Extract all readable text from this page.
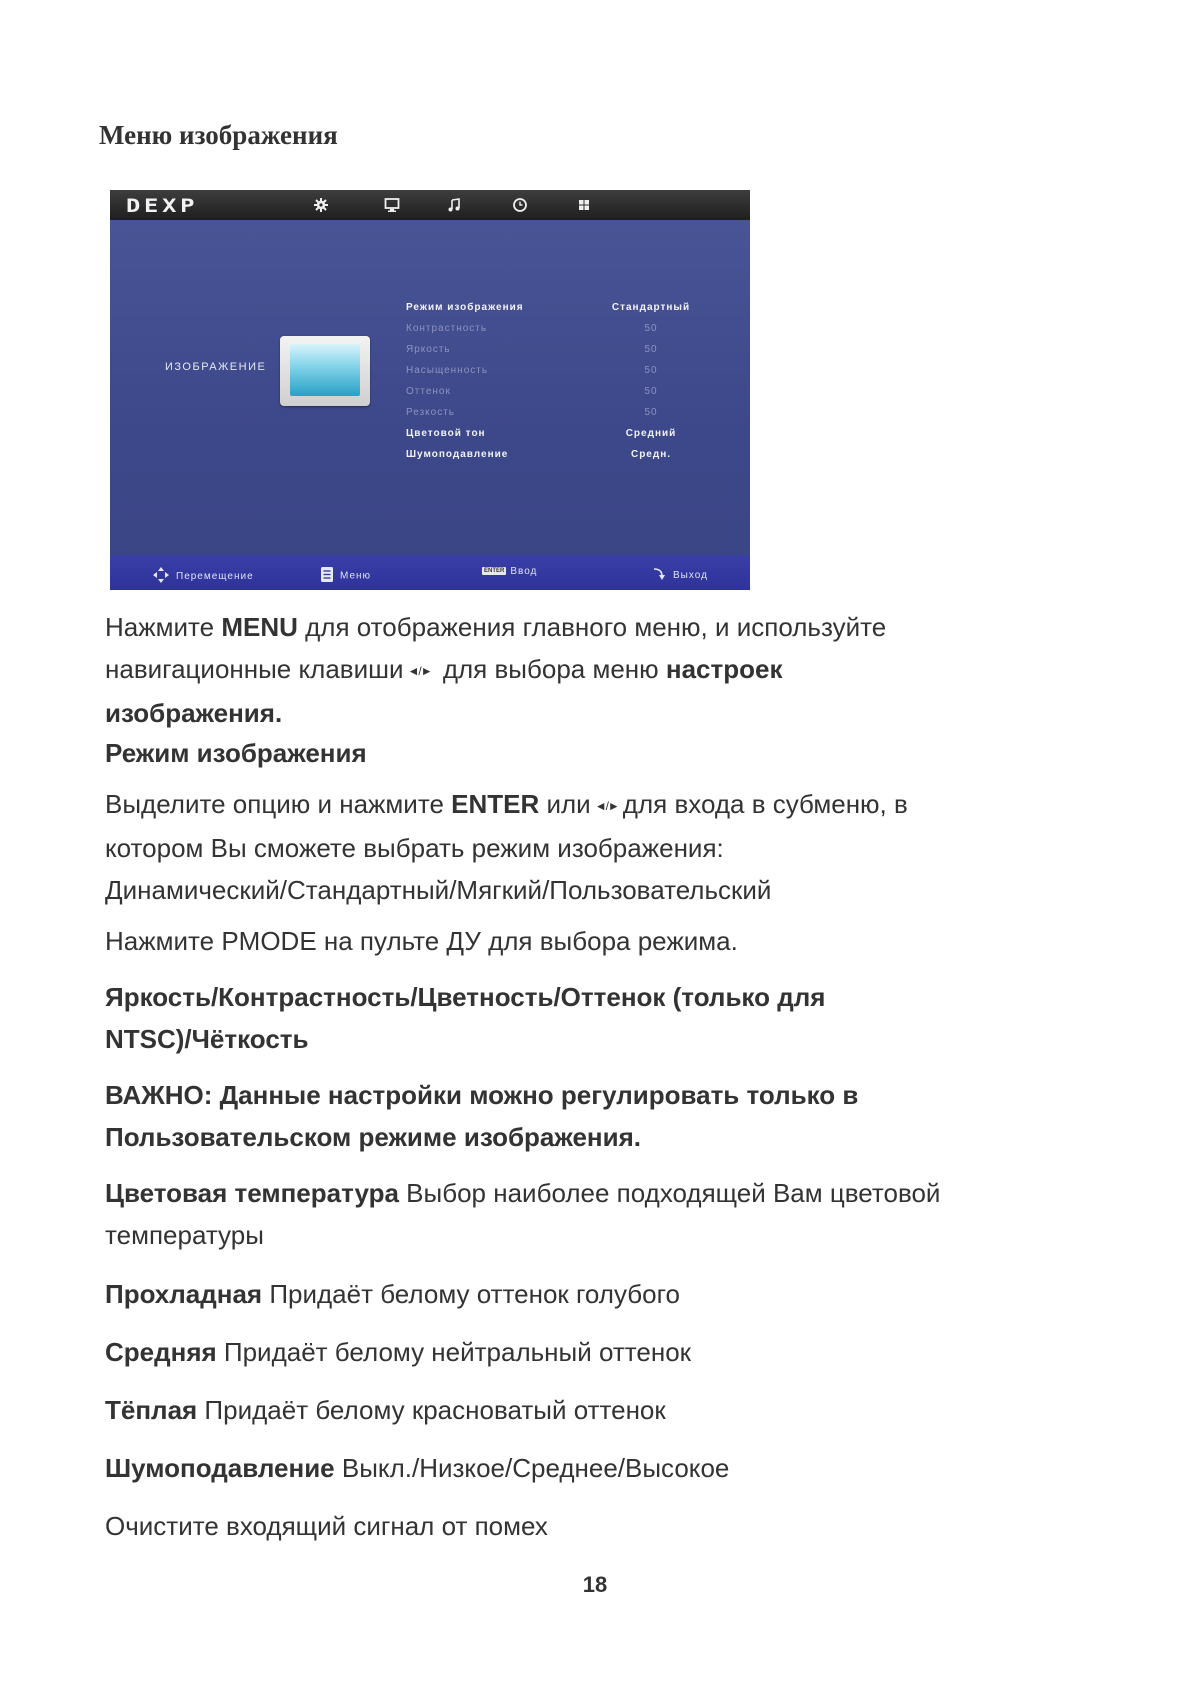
Меню изображения
DEXP
ИЗОБРАЖЕНИЕ
Режим изображения	Стандартный
Контрастность	50
Яркость	50
Насыщенность	50
Оттенок	50
Резкость	50
Цветовой тон	Средний
Шумоподавление	Средн.
Перемещение	Меню	ENTER Ввод	Выход

Нажмите MENU для отображения главного меню, и используйте
навигационные клавиши ◄/► для выбора меню настроек
изображения.

Режим изображения

Выделите опцию и нажмите ENTER или ◄/► для входа в субменю, в
котором Вы сможете выбрать режим изображения:
Динамический/Стандартный/Мягкий/Пользовательский

Нажмите PMODE на пульте ДУ для выбора режима.

Яркость/Контрастность/Цветность/Оттенок (только для
NTSC)/Чёткость

ВАЖНО: Данные настройки можно регулировать только в
Пользовательском режиме изображения.

Цветовая температура Выбор наиболее подходящей Вам цветовой
температуры

Прохладная Придаёт белому оттенок голубого

Средняя Придаёт белому нейтральный оттенок

Тёплая Придаёт белому красноватый оттенок

Шумоподавление Выкл./Низкое/Среднее/Высокое

Очистите входящий сигнал от помех

18
